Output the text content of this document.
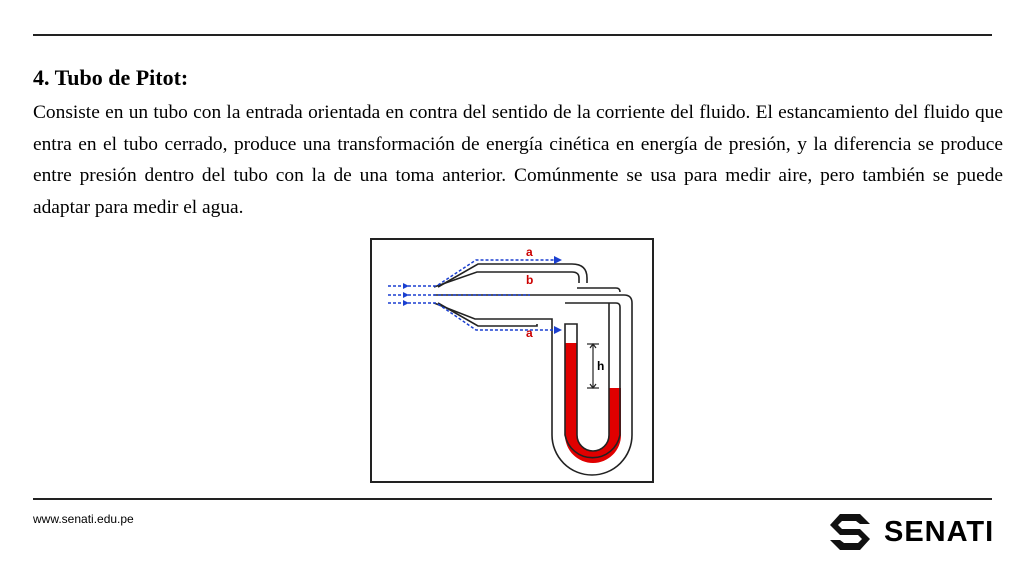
4. Tubo de Pitot:

Consiste en un tubo con la entrada orientada en contra del sentido de la corriente del fluido. El estancamiento del fluido que entra en el tubo cerrado, produce una transformación de energía cinética en energía de presión, y la diferencia se produce entre presión dentro del tubo con la de una toma anterior. Comúnmente se usa para medir aire, pero también se puede adaptar para medir el agua.

a
b
a
h
www.senati.edu.pe	SENATI
